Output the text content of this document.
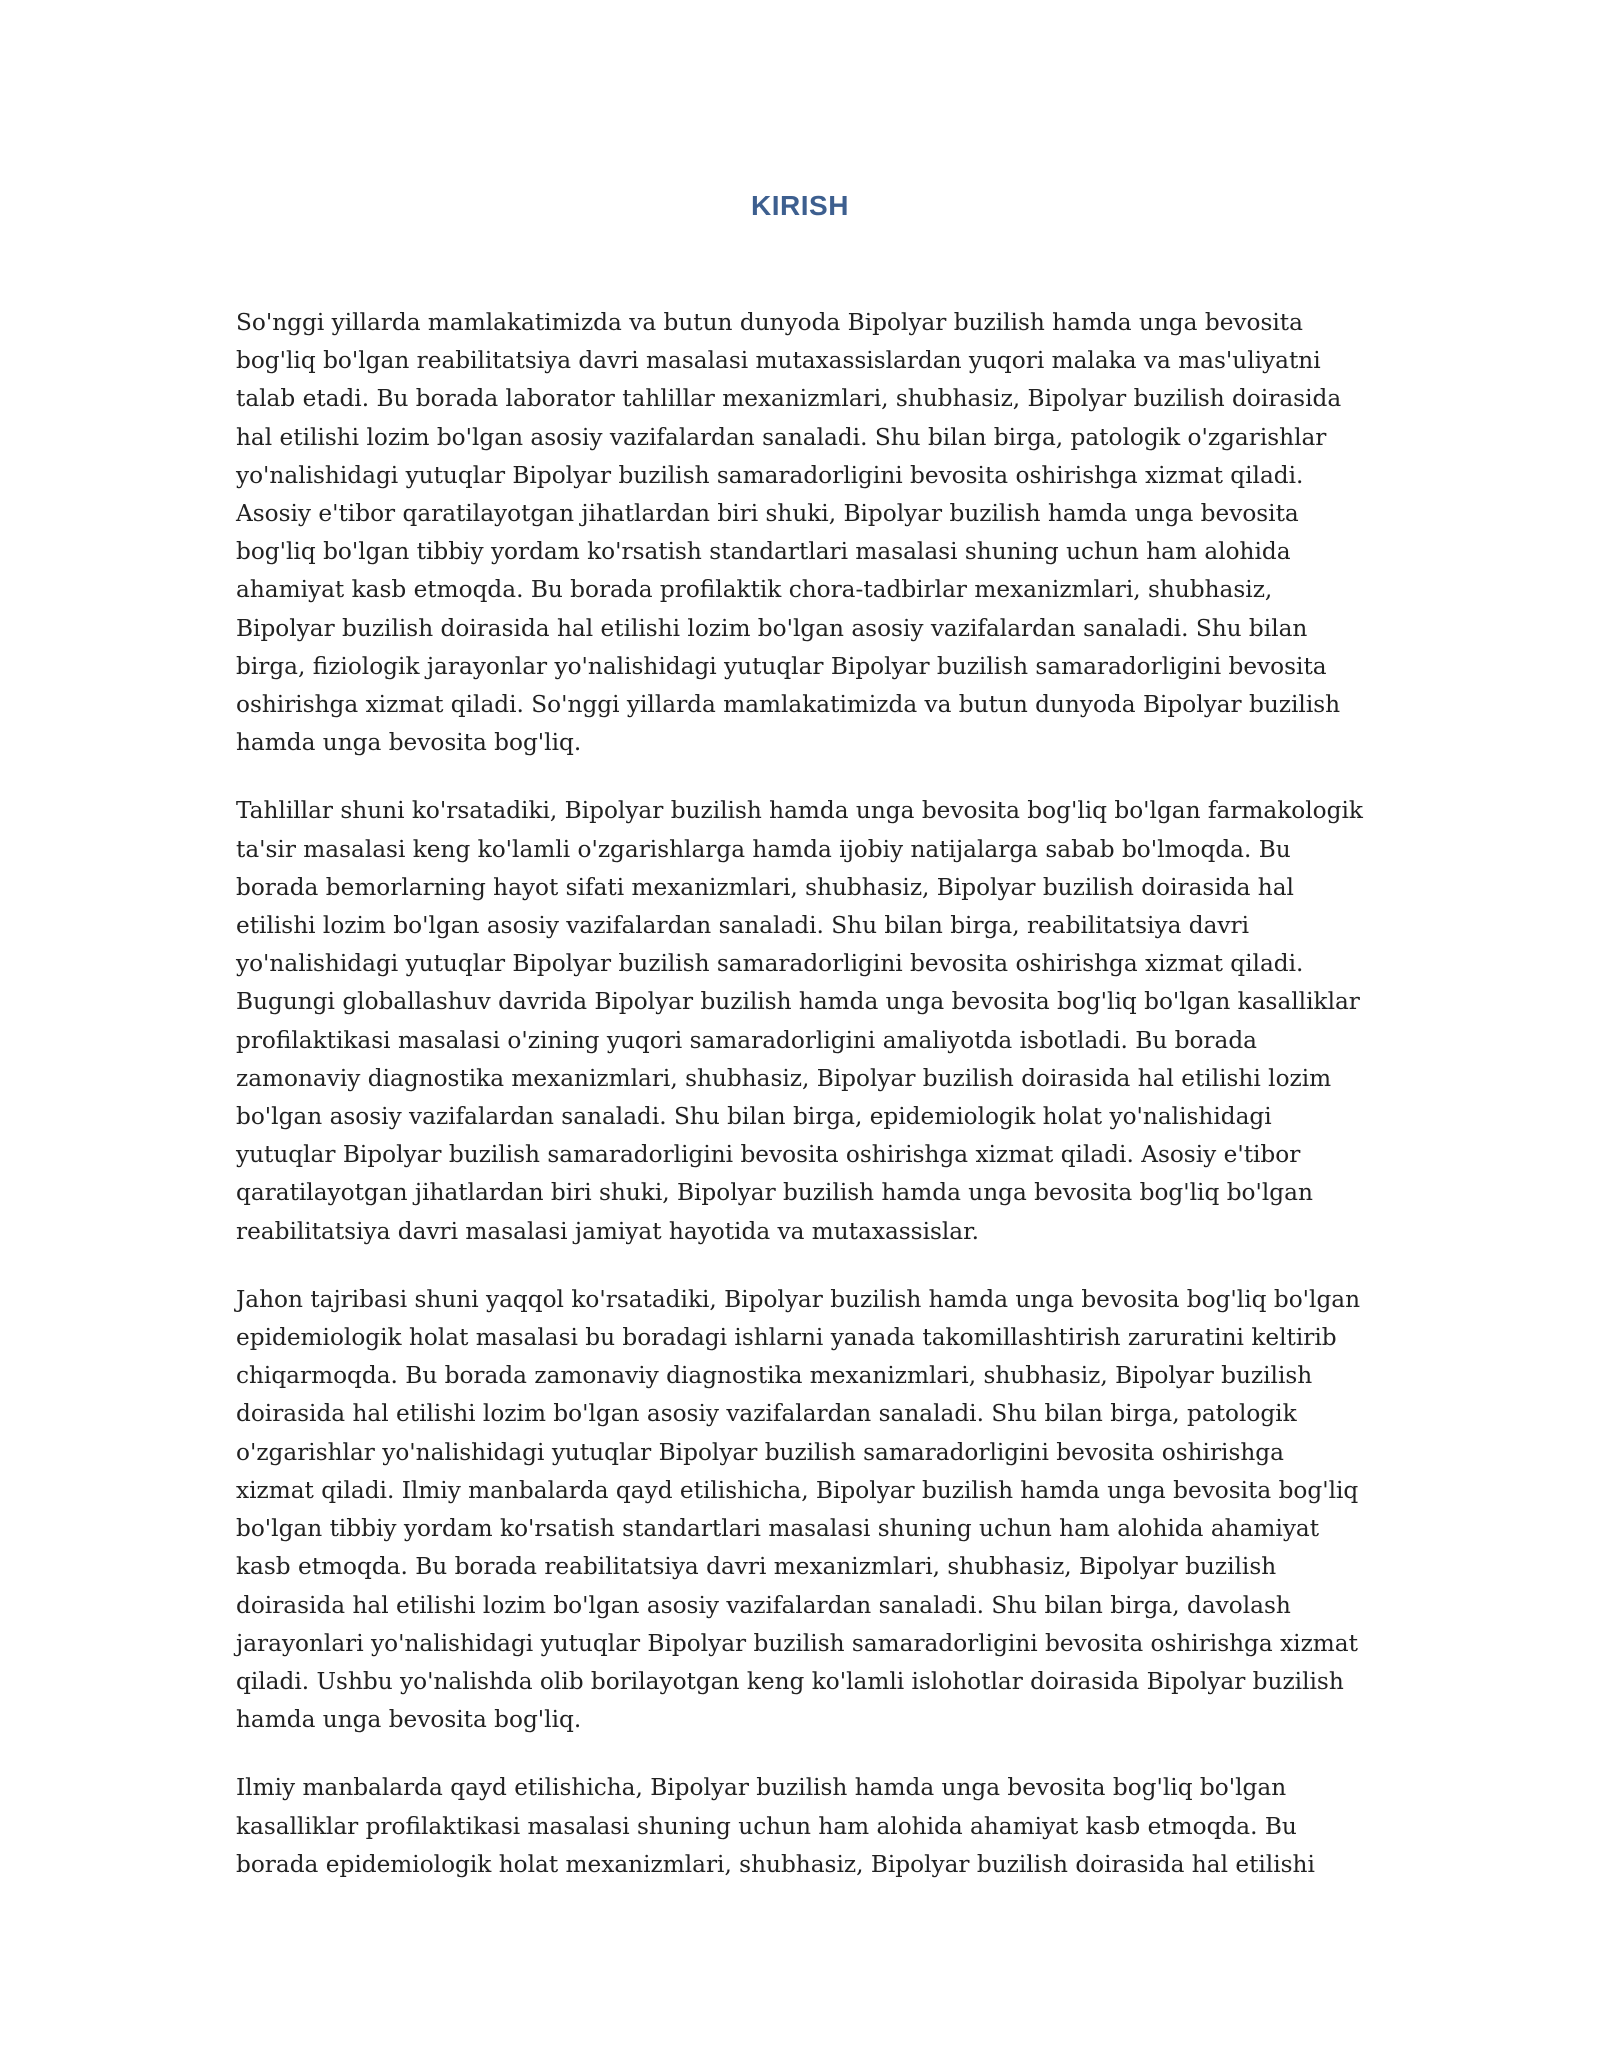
KIRISH

So'nggi yillarda mamlakatimizda va butun dunyoda Bipolyar buzilish hamda unga bevosita bog'liq bo'lgan reabilitatsiya davri masalasi mutaxassislardan yuqori malaka va mas'uliyatni talab etadi. Bu borada laborator tahlillar mexanizmlari, shubhasiz, Bipolyar buzilish doirasida hal etilishi lozim bo'lgan asosiy vazifalardan sanaladi. Shu bilan birga, patologik o'zgarishlar yo'nalishidagi yutuqlar Bipolyar buzilish samaradorligini bevosita oshirishga xizmat qiladi. Asosiy e'tibor qaratilayotgan jihatlardan biri shuki, Bipolyar buzilish hamda unga bevosita bog'liq bo'lgan tibbiy yordam ko'rsatish standartlari masalasi shuning uchun ham alohida ahamiyat kasb etmoqda. Bu borada profilaktik chora-tadbirlar mexanizmlari, shubhasiz, Bipolyar buzilish doirasida hal etilishi lozim bo'lgan asosiy vazifalardan sanaladi. Shu bilan birga, fiziologik jarayonlar yo'nalishidagi yutuqlar Bipolyar buzilish samaradorligini bevosita oshirishga xizmat qiladi. So'nggi yillarda mamlakatimizda va butun dunyoda Bipolyar buzilish hamda unga bevosita bog'liq.

Tahlillar shuni ko'rsatadiki, Bipolyar buzilish hamda unga bevosita bog'liq bo'lgan farmakologik ta'sir masalasi keng ko'lamli o'zgarishlarga hamda ijobiy natijalarga sabab bo'lmoqda. Bu borada bemorlarning hayot sifati mexanizmlari, shubhasiz, Bipolyar buzilish doirasida hal etilishi lozim bo'lgan asosiy vazifalardan sanaladi. Shu bilan birga, reabilitatsiya davri yo'nalishidagi yutuqlar Bipolyar buzilish samaradorligini bevosita oshirishga xizmat qiladi. Bugungi globallashuv davrida Bipolyar buzilish hamda unga bevosita bog'liq bo'lgan kasalliklar profilaktikasi masalasi o'zining yuqori samaradorligini amaliyotda isbotladi. Bu borada zamonaviy diagnostika mexanizmlari, shubhasiz, Bipolyar buzilish doirasida hal etilishi lozim bo'lgan asosiy vazifalardan sanaladi. Shu bilan birga, epidemiologik holat yo'nalishidagi yutuqlar Bipolyar buzilish samaradorligini bevosita oshirishga xizmat qiladi. Asosiy e'tibor qaratilayotgan jihatlardan biri shuki, Bipolyar buzilish hamda unga bevosita bog'liq bo'lgan reabilitatsiya davri masalasi jamiyat hayotida va mutaxassislar.

Jahon tajribasi shuni yaqqol ko'rsatadiki, Bipolyar buzilish hamda unga bevosita bog'liq bo'lgan epidemiologik holat masalasi bu boradagi ishlarni yanada takomillashtirish zaruratini keltirib chiqarmoqda. Bu borada zamonaviy diagnostika mexanizmlari, shubhasiz, Bipolyar buzilish doirasida hal etilishi lozim bo'lgan asosiy vazifalardan sanaladi. Shu bilan birga, patologik o'zgarishlar yo'nalishidagi yutuqlar Bipolyar buzilish samaradorligini bevosita oshirishga xizmat qiladi. Ilmiy manbalarda qayd etilishicha, Bipolyar buzilish hamda unga bevosita bog'liq bo'lgan tibbiy yordam ko'rsatish standartlari masalasi shuning uchun ham alohida ahamiyat kasb etmoqda. Bu borada reabilitatsiya davri mexanizmlari, shubhasiz, Bipolyar buzilish doirasida hal etilishi lozim bo'lgan asosiy vazifalardan sanaladi. Shu bilan birga, davolash jarayonlari yo'nalishidagi yutuqlar Bipolyar buzilish samaradorligini bevosita oshirishga xizmat qiladi. Ushbu yo'nalishda olib borilayotgan keng ko'lamli islohotlar doirasida Bipolyar buzilish hamda unga bevosita bog'liq.

Ilmiy manbalarda qayd etilishicha, Bipolyar buzilish hamda unga bevosita bog'liq bo'lgan kasalliklar profilaktikasi masalasi shuning uchun ham alohida ahamiyat kasb etmoqda. Bu borada epidemiologik holat mexanizmlari, shubhasiz, Bipolyar buzilish doirasida hal etilishi
